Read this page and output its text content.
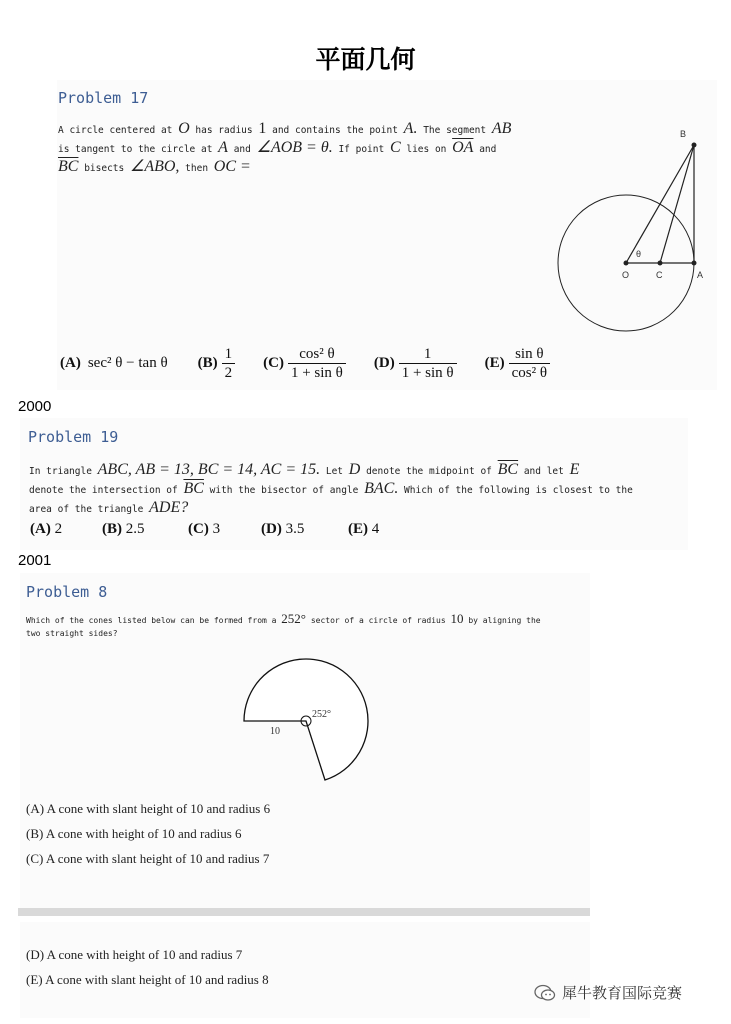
平面几何
Problem 17
A circle centered at O has radius 1 and contains the point A. The segment AB
is tangent to the circle at A and ∠AOB = θ. If point C lies on $\overline{OA}$ and
$\overline{BC}$ bisects ∠ABO, then OC =
B
O	C	A
θ
(A) sec² θ − tan θ $(B) \frac{1}{2} (C) \frac{\text{cos² θ}}{\text{1 + sin θ}} (D) \frac{1}{\text{1 + sin θ}} (E) \frac{\text{sin θ}}{\text{cos² θ}}$
2000
Problem 19
In triangle ABC, AB = 13, BC = 14, AC = 15. Let D denote the midpoint of $\overline{BC}$ and let E
denote the intersection of $\overline{BC}$ with the bisector of angle BAC. Which of the following is closest to the
area of the triangle ADE?
(A) 2	(B) 2.5	(C) 3	(D) 3.5	(E) 4
2001
Problem 8
Which of the cones listed below can be formed from a 252° sector of a circle of radius 10 by aligning the
two straight sides?
10
252°
(A) A cone with slant height of 10 and radius 6
(B) A cone with height of 10 and radius 6
(C) A cone with slant height of 10 and radius 7
(D) A cone with height of 10 and radius 7
(E) A cone with slant height of 10 and radius 8
犀牛教育国际竞赛
